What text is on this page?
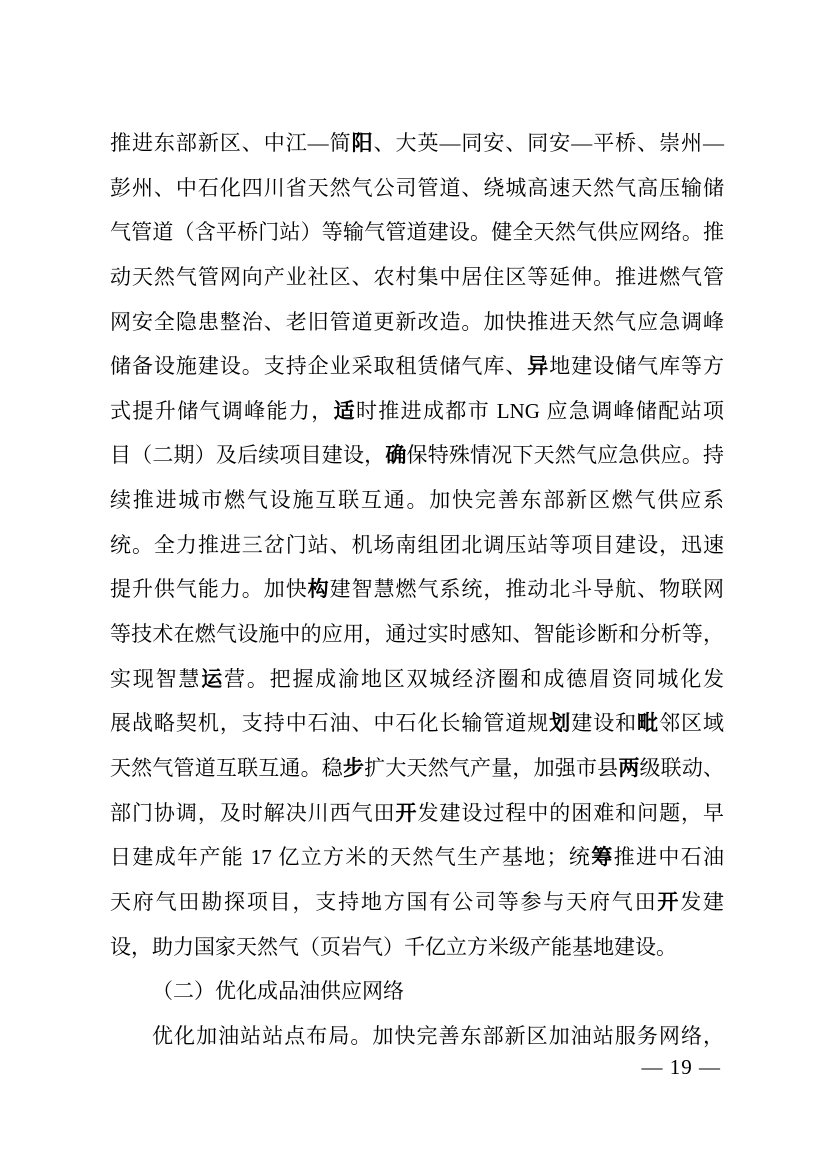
推进东部新区、中江—简阳、大英—同安、同安—平桥、崇州—
彭州、中石化四川省天然气公司管道、绕城高速天然气高压输储
气管道（含平桥门站）等输气管道建设。健全天然气供应网络。推
动天然气管网向产业社区、农村集中居住区等延伸。推进燃气管
网安全隐患整治、老旧管道更新改造。加快推进天然气应急调峰
储备设施建设。支持企业采取租赁储气库、异地建设储气库等方
式提升储气调峰能力，适时推进成都市 LNG 应急调峰储配站项
目（二期）及后续项目建设，确保特殊情况下天然气应急供应。持
续推进城市燃气设施互联互通。加快完善东部新区燃气供应系
统。全力推进三岔门站、机场南组团北调压站等项目建设，迅速
提升供气能力。加快构建智慧燃气系统，推动北斗导航、物联网
等技术在燃气设施中的应用，通过实时感知、智能诊断和分析等，
实现智慧运营。把握成渝地区双城经济圈和成德眉资同城化发
展战略契机，支持中石油、中石化长输管道规划建设和毗邻区域
天然气管道互联互通。稳步扩大天然气产量，加强市县两级联动、
部门协调，及时解决川西气田开发建设过程中的困难和问题，早
日建成年产能 17 亿立方米的天然气生产基地；统筹推进中石油
天府气田勘探项目，支持地方国有公司等参与天府气田开发建
设，助力国家天然气（页岩气）千亿立方米级产能基地建设。
（二）优化成品油供应网络
优化加油站站点布局。加快完善东部新区加油站服务网络，
— 19 —
